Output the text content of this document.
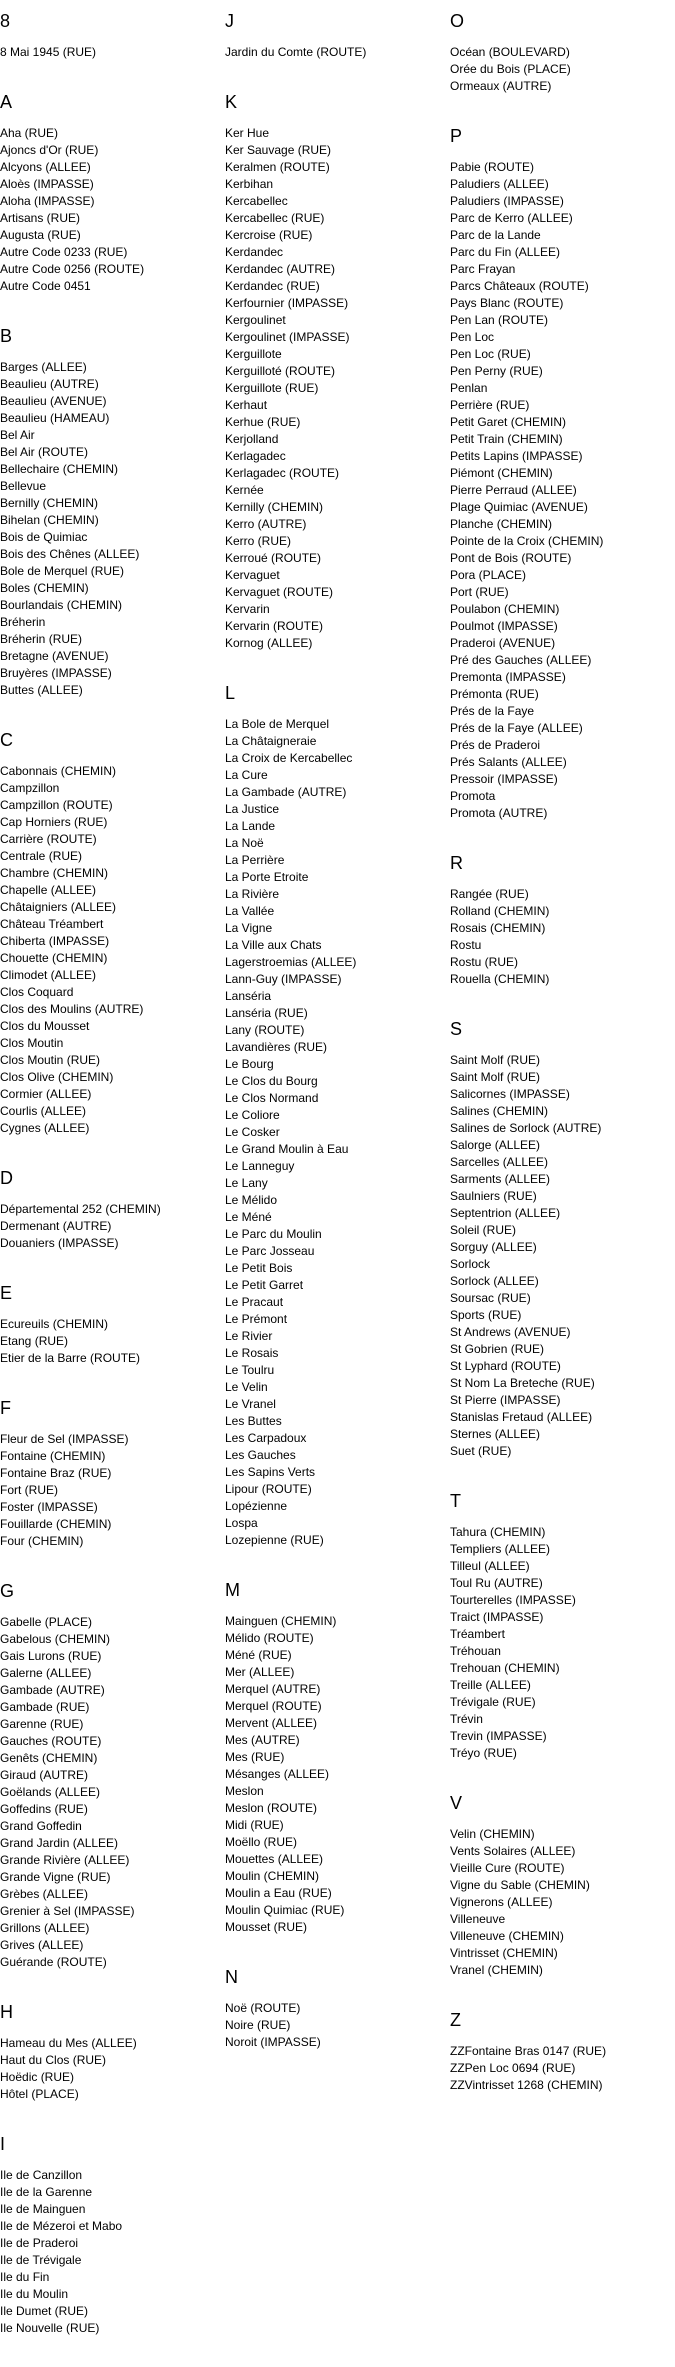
8
8 Mai 1945 (RUE)
A
Aha (RUE)
Ajoncs d'Or (RUE)
Alcyons (ALLEE)
Aloès (IMPASSE)
Aloha (IMPASSE)
Artisans (RUE)
Augusta (RUE)
Autre Code 0233 (RUE)
Autre Code 0256 (ROUTE)
Autre Code 0451
B
Barges (ALLEE)
Beaulieu (AUTRE)
Beaulieu (AVENUE)
Beaulieu (HAMEAU)
Bel Air
Bel Air (ROUTE)
Bellechaire (CHEMIN)
Bellevue
Bernilly (CHEMIN)
Bihelan (CHEMIN)
Bois de Quimiac
Bois des Chênes (ALLEE)
Bole de Merquel (RUE)
Boles (CHEMIN)
Bourlandais (CHEMIN)
Bréherin
Bréherin (RUE)
Bretagne (AVENUE)
Bruyères (IMPASSE)
Buttes (ALLEE)
C
Cabonnais (CHEMIN)
Campzillon
Campzillon (ROUTE)
Cap Horniers (RUE)
Carrière (ROUTE)
Centrale (RUE)
Chambre (CHEMIN)
Chapelle (ALLEE)
Châtaigniers (ALLEE)
Château Tréambert
Chiberta (IMPASSE)
Chouette (CHEMIN)
Climodet (ALLEE)
Clos Coquard
Clos des Moulins (AUTRE)
Clos du Mousset
Clos Moutin
Clos Moutin (RUE)
Clos Olive (CHEMIN)
Cormier (ALLEE)
Courlis (ALLEE)
Cygnes (ALLEE)
D
Départemental 252 (CHEMIN)
Dermenant (AUTRE)
Douaniers (IMPASSE)
E
Ecureuils (CHEMIN)
Etang (RUE)
Etier de la Barre (ROUTE)
F
Fleur de Sel (IMPASSE)
Fontaine (CHEMIN)
Fontaine Braz (RUE)
Fort (RUE)
Foster (IMPASSE)
Fouillarde (CHEMIN)
Four (CHEMIN)
G
Gabelle (PLACE)
Gabelous (CHEMIN)
Gais Lurons (RUE)
Galerne (ALLEE)
Gambade (AUTRE)
Gambade (RUE)
Garenne (RUE)
Gauches (ROUTE)
Genêts (CHEMIN)
Giraud (AUTRE)
Goëlands (ALLEE)
Goffedins (RUE)
Grand Goffedin
Grand Jardin (ALLEE)
Grande Rivière (ALLEE)
Grande Vigne (RUE)
Grèbes (ALLEE)
Grenier à Sel (IMPASSE)
Grillons (ALLEE)
Grives (ALLEE)
Guérande (ROUTE)
H
Hameau du Mes (ALLEE)
Haut du Clos (RUE)
Hoëdic (RUE)
Hôtel (PLACE)
I
Ile de Canzillon
Ile de la Garenne
Ile de Mainguen
Ile de Mézeroi et Mabo
Ile de Praderoi
Ile de Trévigale
Ile du Fin
Ile du Moulin
Ile Dumet (RUE)
Ile Nouvelle (RUE)
J
Jardin du Comte (ROUTE)
K
Ker Hue
Ker Sauvage (RUE)
Keralmen (ROUTE)
Kerbihan
Kercabellec
Kercabellec (RUE)
Kercroise (RUE)
Kerdandec
Kerdandec (AUTRE)
Kerdandec (RUE)
Kerfournier (IMPASSE)
Kergoulinet
Kergoulinet (IMPASSE)
Kerguillote
Kerguilloté (ROUTE)
Kerguillote (RUE)
Kerhaut
Kerhue (RUE)
Kerjolland
Kerlagadec
Kerlagadec (ROUTE)
Kernée
Kernilly (CHEMIN)
Kerro (AUTRE)
Kerro (RUE)
Kerroué (ROUTE)
Kervaguet
Kervaguet (ROUTE)
Kervarin
Kervarin (ROUTE)
Kornog (ALLEE)
L
La Bole de Merquel
La Châtaigneraie
La Croix de Kercabellec
La Cure
La Gambade (AUTRE)
La Justice
La Lande
La Noë
La Perrière
La Porte Etroite
La Rivière
La Vallée
La Vigne
La Ville aux Chats
Lagerstroemias (ALLEE)
Lann-Guy (IMPASSE)
Lanséria
Lanséria (RUE)
Lany (ROUTE)
Lavandières (RUE)
Le Bourg
Le Clos du Bourg
Le Clos Normand
Le Coliore
Le Cosker
Le Grand Moulin à Eau
Le Lanneguy
Le Lany
Le Mélido
Le Méné
Le Parc du Moulin
Le Parc Josseau
Le Petit Bois
Le Petit Garret
Le Pracaut
Le Prémont
Le Rivier
Le Rosais
Le Toulru
Le Velin
Le Vranel
Les Buttes
Les Carpadoux
Les Gauches
Les Sapins Verts
Lipour (ROUTE)
Lopézienne
Lospa
Lozepienne (RUE)
M
Mainguen (CHEMIN)
Mélido (ROUTE)
Méné (RUE)
Mer (ALLEE)
Merquel (AUTRE)
Merquel (ROUTE)
Mervent (ALLEE)
Mes (AUTRE)
Mes (RUE)
Mésanges (ALLEE)
Meslon
Meslon (ROUTE)
Midi (RUE)
Moëllo (RUE)
Mouettes (ALLEE)
Moulin (CHEMIN)
Moulin a Eau (RUE)
Moulin Quimiac (RUE)
Mousset (RUE)
N
Noë (ROUTE)
Noire (RUE)
Noroit (IMPASSE)
O
Océan (BOULEVARD)
Orée du Bois (PLACE)
Ormeaux (AUTRE)
P
Pabie (ROUTE)
Paludiers (ALLEE)
Paludiers (IMPASSE)
Parc de Kerro (ALLEE)
Parc de la Lande
Parc du Fin (ALLEE)
Parc Frayan
Parcs Châteaux (ROUTE)
Pays Blanc (ROUTE)
Pen Lan (ROUTE)
Pen Loc
Pen Loc (RUE)
Pen Perny (RUE)
Penlan
Perrière (RUE)
Petit Garet (CHEMIN)
Petit Train (CHEMIN)
Petits Lapins (IMPASSE)
Piémont (CHEMIN)
Pierre Perraud (ALLEE)
Plage Quimiac (AVENUE)
Planche (CHEMIN)
Pointe de la Croix (CHEMIN)
Pont de Bois (ROUTE)
Pora (PLACE)
Port (RUE)
Poulabon (CHEMIN)
Poulmot (IMPASSE)
Praderoi (AVENUE)
Pré des Gauches (ALLEE)
Premonta (IMPASSE)
Prémonta (RUE)
Prés de la Faye
Prés de la Faye (ALLEE)
Prés de Praderoi
Prés Salants (ALLEE)
Pressoir (IMPASSE)
Promota
Promota (AUTRE)
R
Rangée (RUE)
Rolland (CHEMIN)
Rosais (CHEMIN)
Rostu
Rostu (RUE)
Rouella (CHEMIN)
S
Saint Molf (RUE)
Saint Molf (RUE)
Salicornes (IMPASSE)
Salines (CHEMIN)
Salines de Sorlock (AUTRE)
Salorge (ALLEE)
Sarcelles (ALLEE)
Sarments (ALLEE)
Saulniers (RUE)
Septentrion (ALLEE)
Soleil (RUE)
Sorguy (ALLEE)
Sorlock
Sorlock (ALLEE)
Soursac (RUE)
Sports (RUE)
St Andrews (AVENUE)
St Gobrien (RUE)
St Lyphard (ROUTE)
St Nom La Breteche (RUE)
St Pierre (IMPASSE)
Stanislas Fretaud (ALLEE)
Sternes (ALLEE)
Suet (RUE)
T
Tahura (CHEMIN)
Templiers (ALLEE)
Tilleul (ALLEE)
Toul Ru (AUTRE)
Tourterelles (IMPASSE)
Traict (IMPASSE)
Tréambert
Tréhouan
Trehouan (CHEMIN)
Treille (ALLEE)
Trévigale (RUE)
Trévin
Trevin (IMPASSE)
Tréyo (RUE)
V
Velin (CHEMIN)
Vents Solaires (ALLEE)
Vieille Cure (ROUTE)
Vigne du Sable (CHEMIN)
Vignerons (ALLEE)
Villeneuve
Villeneuve (CHEMIN)
Vintrisset (CHEMIN)
Vranel (CHEMIN)
Z
ZZFontaine Bras 0147 (RUE)
ZZPen Loc 0694 (RUE)
ZZVintrisset 1268 (CHEMIN)
